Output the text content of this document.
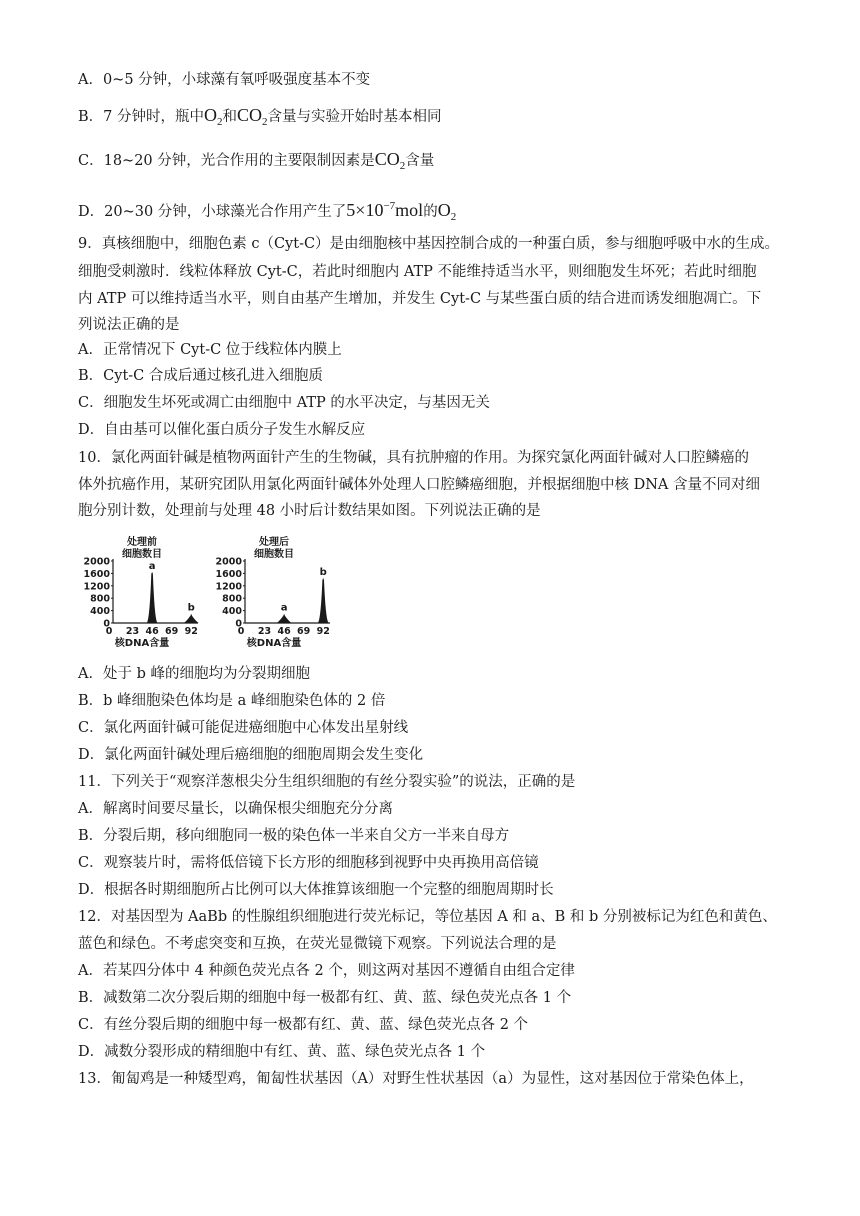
A．0~5 分钟，小球藻有氧呼吸强度基本不变
B．7 分钟时，瓶中$O_2$和$CO_2$含量与实验开始时基本相同
C．18~20 分钟，光合作用的主要限制因素是$CO_2$含量
D．20~30 分钟，小球藻光合作用产生了$5\times 10^{-7}mol$的$O_2$
9．真核细胞中，细胞色素 c（Cyt-C）是由细胞核中基因控制合成的一种蛋白质，参与细胞呼吸中水的生成。
细胞受刺激时．线粒体释放 Cyt-C，若此时细胞内 ATP 不能维持适当水平，则细胞发生坏死；若此时细胞
内 ATP 可以维持适当水平，则自由基产生增加，并发生 Cyt-C 与某些蛋白质的结合进而诱发细胞凋亡。下
列说法正确的是
A．正常情况下 Cyt-C 位于线粒体内膜上
B．Cyt-C 合成后通过核孔进入细胞质
C．细胞发生坏死或凋亡由细胞中 ATP 的水平决定，与基因无关
D．自由基可以催化蛋白质分子发生水解反应
10．氯化两面针碱是植物两面针产生的生物碱，具有抗肿瘤的作用。为探究氯化两面针碱对人口腔鳞癌的
体外抗癌作用，某研究团队用氯化两面针碱体外处理人口腔鳞癌细胞，并根据细胞中核 DNA 含量不同对细
胞分别计数，处理前与处理 48 小时后计数结果如图。下列说法正确的是
处理前
细胞数目
2000
1600
1200
800
400
0
0 23 46 69 92
核DNA含量
a
b
处理后
细胞数目
2000
1600
1200
800
400
0
0 23 46 69 92
核DNA含量
a
b
A．处于 b 峰的细胞均为分裂期细胞
B．b 峰细胞染色体均是 a 峰细胞染色体的 2 倍
C．氯化两面针碱可能促进癌细胞中心体发出星射线
D．氯化两面针碱处理后癌细胞的细胞周期会发生变化
11．下列关于“观察洋葱根尖分生组织细胞的有丝分裂实验”的说法，正确的是
A．解离时间要尽量长，以确保根尖细胞充分分离
B．分裂后期，移向细胞同一极的染色体一半来自父方一半来自母方
C．观察装片时，需将低倍镜下长方形的细胞移到视野中央再换用高倍镜
D．根据各时期细胞所占比例可以大体推算该细胞一个完整的细胞周期时长
12．对基因型为 AaBb 的性腺组织细胞进行荧光标记，等位基因 A 和 a、B 和 b 分别被标记为红色和黄色、
蓝色和绿色。不考虑突变和互换，在荧光显微镜下观察。下列说法合理的是
A．若某四分体中 4 种颜色荧光点各 2 个，则这两对基因不遵循自由组合定律
B．减数第二次分裂后期的细胞中每一极都有红、黄、蓝、绿色荧光点各 1 个
C．有丝分裂后期的细胞中每一极都有红、黄、蓝、绿色荧光点各 2 个
D．减数分裂形成的精细胞中有红、黄、蓝、绿色荧光点各 1 个
13．匍匐鸡是一种矮型鸡，匍匐性状基因（A）对野生性状基因（a）为显性，这对基因位于常染色体上，
